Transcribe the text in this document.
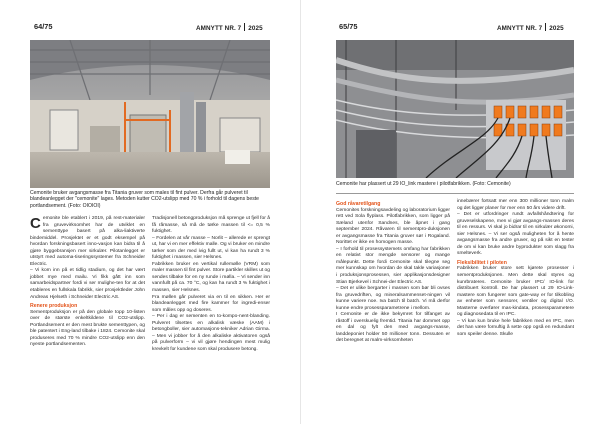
64/75	AMNYTT NR. 7 2025
Cemonite bruker avgangsmasse fra Titania gruver som males til fint pulver. Derfra går pulveret til blandeanlegget der "cemonite" lages. Metoden kutter CO2-utslipp med 70 % i forhold til dagens beste portlandsement. (Foto: OIOIOI)

Cemonite ble etablert i 2019, på rest-materialer fra gruvevirksomhet har de utviklet en sementtype basert på alka-liaktiverte bindemiddel. Prosjektet er et godt eksempel på hvordan forskningsbasert inno-vasjon kan bidra til å gjøre byggebransjen mer sirkulær. Pilotanlegget er utstyrt med automa-tiseringssystemer fra Schneider Electric.

– Vi kom inn på et tidlig stadium, og det har vært jobbet mye med mailu. Vi fikk gått inn som samarbeidspartner fordi vi ser mulighe-ten for at det etableres en fullskala fabrikk, sier prosjektleder John Andreas Hjelseth i Schneider Electric AS.

Renere produksjon

Sementproduksjon er på den globale topp 10-listen over de største enkeltkildene til CO2-utslipp. Portlandsement er den mest brukte sementtypen, og ble patentert i Eng-land tilbake i 1824. Cemonite skal produseres med 70 % mindre CO2-utslipp enn den nyeste portlandsementen.

Tradisjonell betongproduksjon må sprenge ut fjell for å få råmasse, så må de tørke massen til <= 0,5 % fuktighet.

– Fordelen at vår masse – Norlit – allerede er sprengt ut, har vi en mer effektiv malle. Og vi bruker en mindre tørker som der med ivig fullt ut, vi kan ha rundt 3 % fuktighet i massen, sier Helsnes.

Fabrikken bruker en vertikal rullemølle (VRM) som maler massen til fint pulver. Store partikler skilles ut og sendes tilbake for en ny runde i mølla. – Vi sender inn vannfullt på ca. 70 °C, og kan ha rundt 3 % fuktighet i massen, sier Helsnes.

Fra møllen går pulveret via en til en sikken. Her er blandeanlegget med fire kammer for ingredi-enser som måles opp og doseres.

– Per i dag er sementen en to-kompo-nent-blanding. Pulveret tilsettes en alkalisk væske (AAM) i betongboller, sier automasjons-tekniker Adrian Girma. – Men vi jobber for å den alkaliske aktivatoren også på pulverform – vi vil gjøre hendingen mest mulig krevkelt for kundene som skal produsere betong.

65/75	AMNYTT NR. 7 2025
Cemonite har plassert ut 29 IO_link mastere i pilotfabrikken. (Foto: Cemonite)

God råvaretilgang

Cemonites forskningsavdeling og laboratorium ligger rett ved Sola flyplass. Pilotfabrikken, som ligger på Sæland utenfor Sandnes, ble åpnet i gang september 2024. Råvaren til sementpro-duksjonen er avgangsmasse fra Titania gruver sør i Rogaland. Norittet er ikke en homogen masse.

– I forhold til prosessystemets omfang har fabrikken en relativt stor mengde sensorer og mange målepunkt. Dette fordi Cemonite skal tilegne seg mer kunnskap om hvordan de skal takle variasjoner i produksjonsprosessen, sier applikasjonsdesigner Stian Bjerkevel i Schnei-der Electric AS.

– Det er ulike bergarter i massen som bør bli ovses fra gruvedriften, og mineralsammenset-ningen vil kunne variere noe. Iva batch til batch. Vi må derfor kunne endre prosessparametrene i mellom.

I Cemonite er de ikke bekymret for tilfanget av råstoff i overskuelig fremtid. Titania har dommet opp en dal og fylt den med avgangs-masse, landdeponiet holder 50 millioner tonn. Dessuten er det beregnet at malm-virksomheten

innebærer fortsatt mer enn 300 millioner tonn malm og det ligger planer for mer enn 50 års videre drift.

– Det er utfordringer rundt avfallshåndtering for gruveselskapene, men vi gjør avgangs-massen deres til en ressurs. Vi skal jo bidrar til en sirkulær økonomi, sier Helsnes. – Vi ser også muligheten for å hente avgangsmasse fra andre gruver, og på sikt en tester de om vi kan bruke andre byprodukter som slagg fra smelteverk.

Fleksibilitet i piloten

Fabrikken bruker store sett kjørete prosesser i sementproduksjonen. Men dette skal styres og kunrbrateres. Cemonite bruker IPC/ IO-link for distribuert kontroll. De har plassert ut 29 IO-Link-mastere som fungerer som gate-way er for tilkobling av enheter som sensorer, ventiler og digital I/O. Masterne overfører mas-kindata, prosessparametere og diagnosedata til en IPC.

– Vi kan kun bruke hele fabrikken med en IPC, men det han være fornuftig å sette opp også en redundant som speiler denne. Skulle
